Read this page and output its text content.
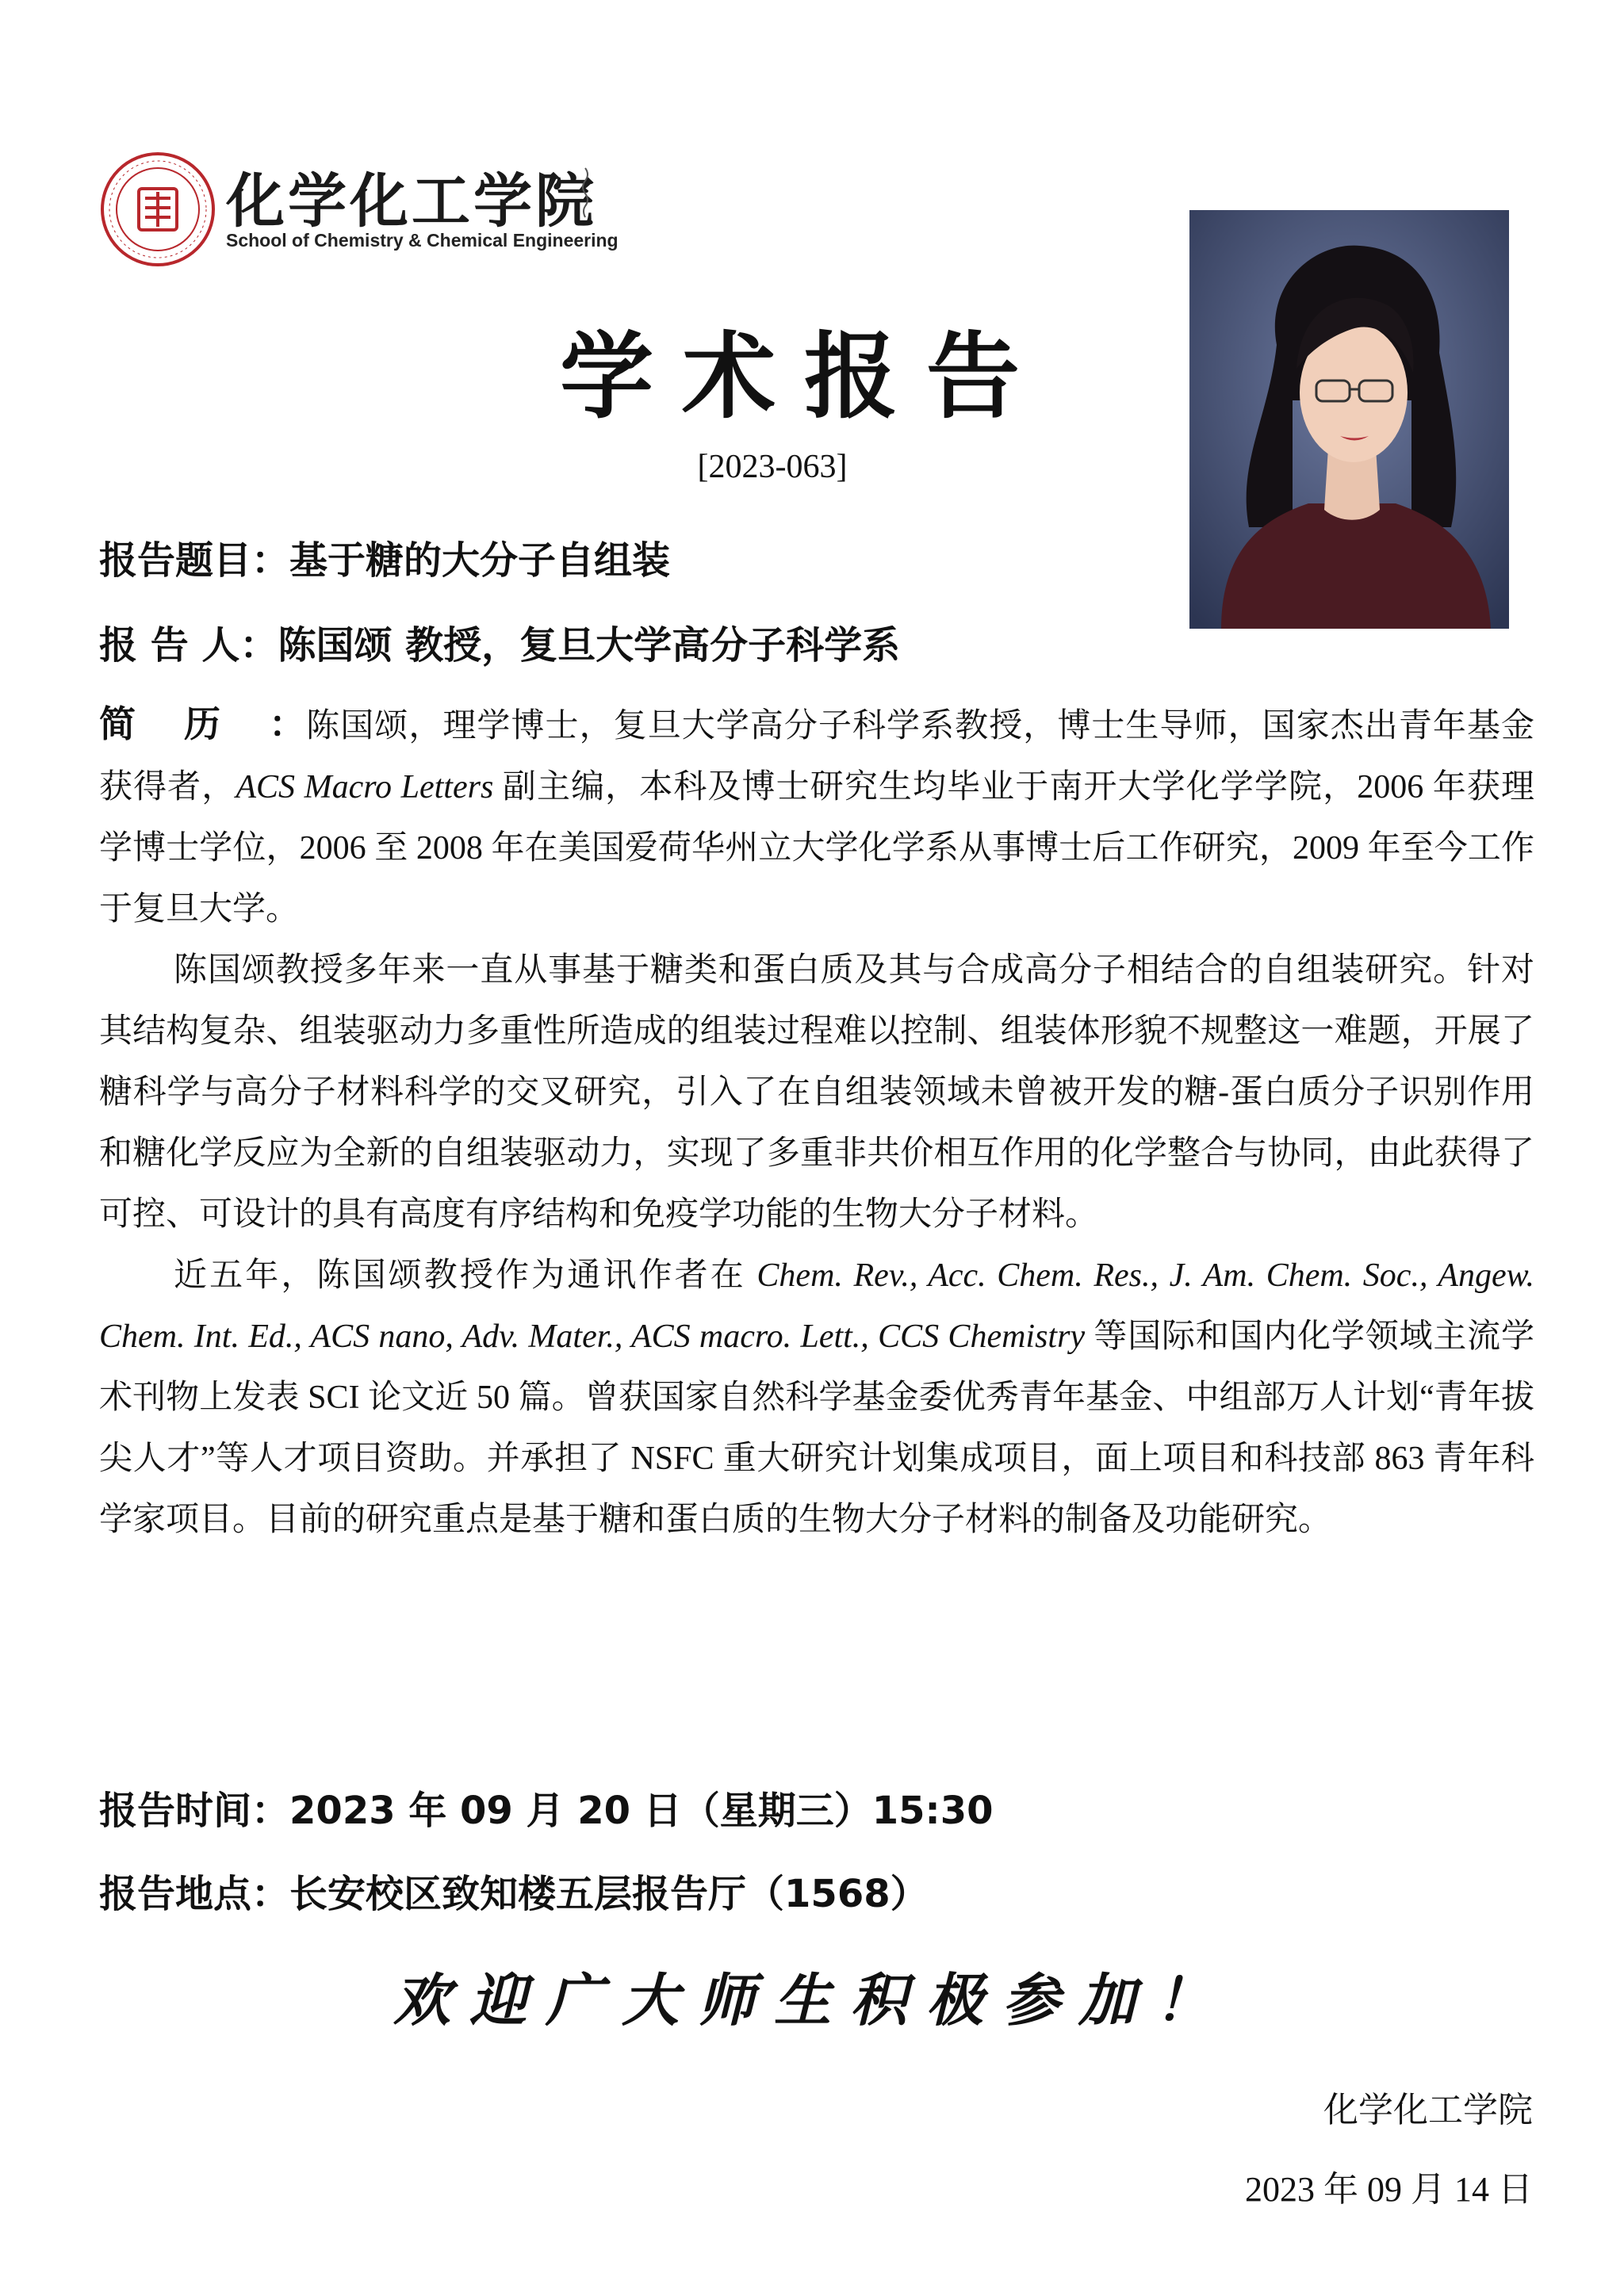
化学化工学院
School of Chemistry & Chemical Engineering
学术报告
[2023-063]
报告题目：基于糖的大分子自组装
报 告 人：陈国颂 教授，复旦大学高分子科学系

简历：陈国颂，理学博士，复旦大学高分子科学系教授，博士生导师，国家杰出青年基金获得者，ACS Macro Letters 副主编，本科及博士研究生均毕业于南开大学化学学院，2006 年获理学博士学位，2006 至 2008 年在美国爱荷华州立大学化学系从事博士后工作研究，2009 年至今工作于复旦大学。

陈国颂教授多年来一直从事基于糖类和蛋白质及其与合成高分子相结合的自组装研究。针对其结构复杂、组装驱动力多重性所造成的组装过程难以控制、组装体形貌不规整这一难题，开展了糖科学与高分子材料科学的交叉研究，引入了在自组装领域未曾被开发的糖-蛋白质分子识别作用和糖化学反应为全新的自组装驱动力，实现了多重非共价相互作用的化学整合与协同，由此获得了可控、可设计的具有高度有序结构和免疫学功能的生物大分子材料。

近五年，陈国颂教授作为通讯作者在 Chem. Rev., Acc. Chem. Res., J. Am. Chem. Soc., Angew. Chem. Int. Ed., ACS nano, Adv. Mater., ACS macro. Lett., CCS Chemistry 等国际和国内化学领域主流学术刊物上发表 SCI 论文近 50 篇。曾获国家自然科学基金委优秀青年基金、中组部万人计划“青年拔尖人才”等人才项目资助。并承担了 NSFC 重大研究计划集成项目，面上项目和科技部 863 青年科学家项目。目前的研究重点是基于糖和蛋白质的生物大分子材料的制备及功能研究。

报告时间：2023 年 09 月 20 日（星期三）15:30
报告地点：长安校区致知楼五层报告厅（1568）
欢迎广大师生积极参加！
化学化工学院
2023 年 09 月 14 日
